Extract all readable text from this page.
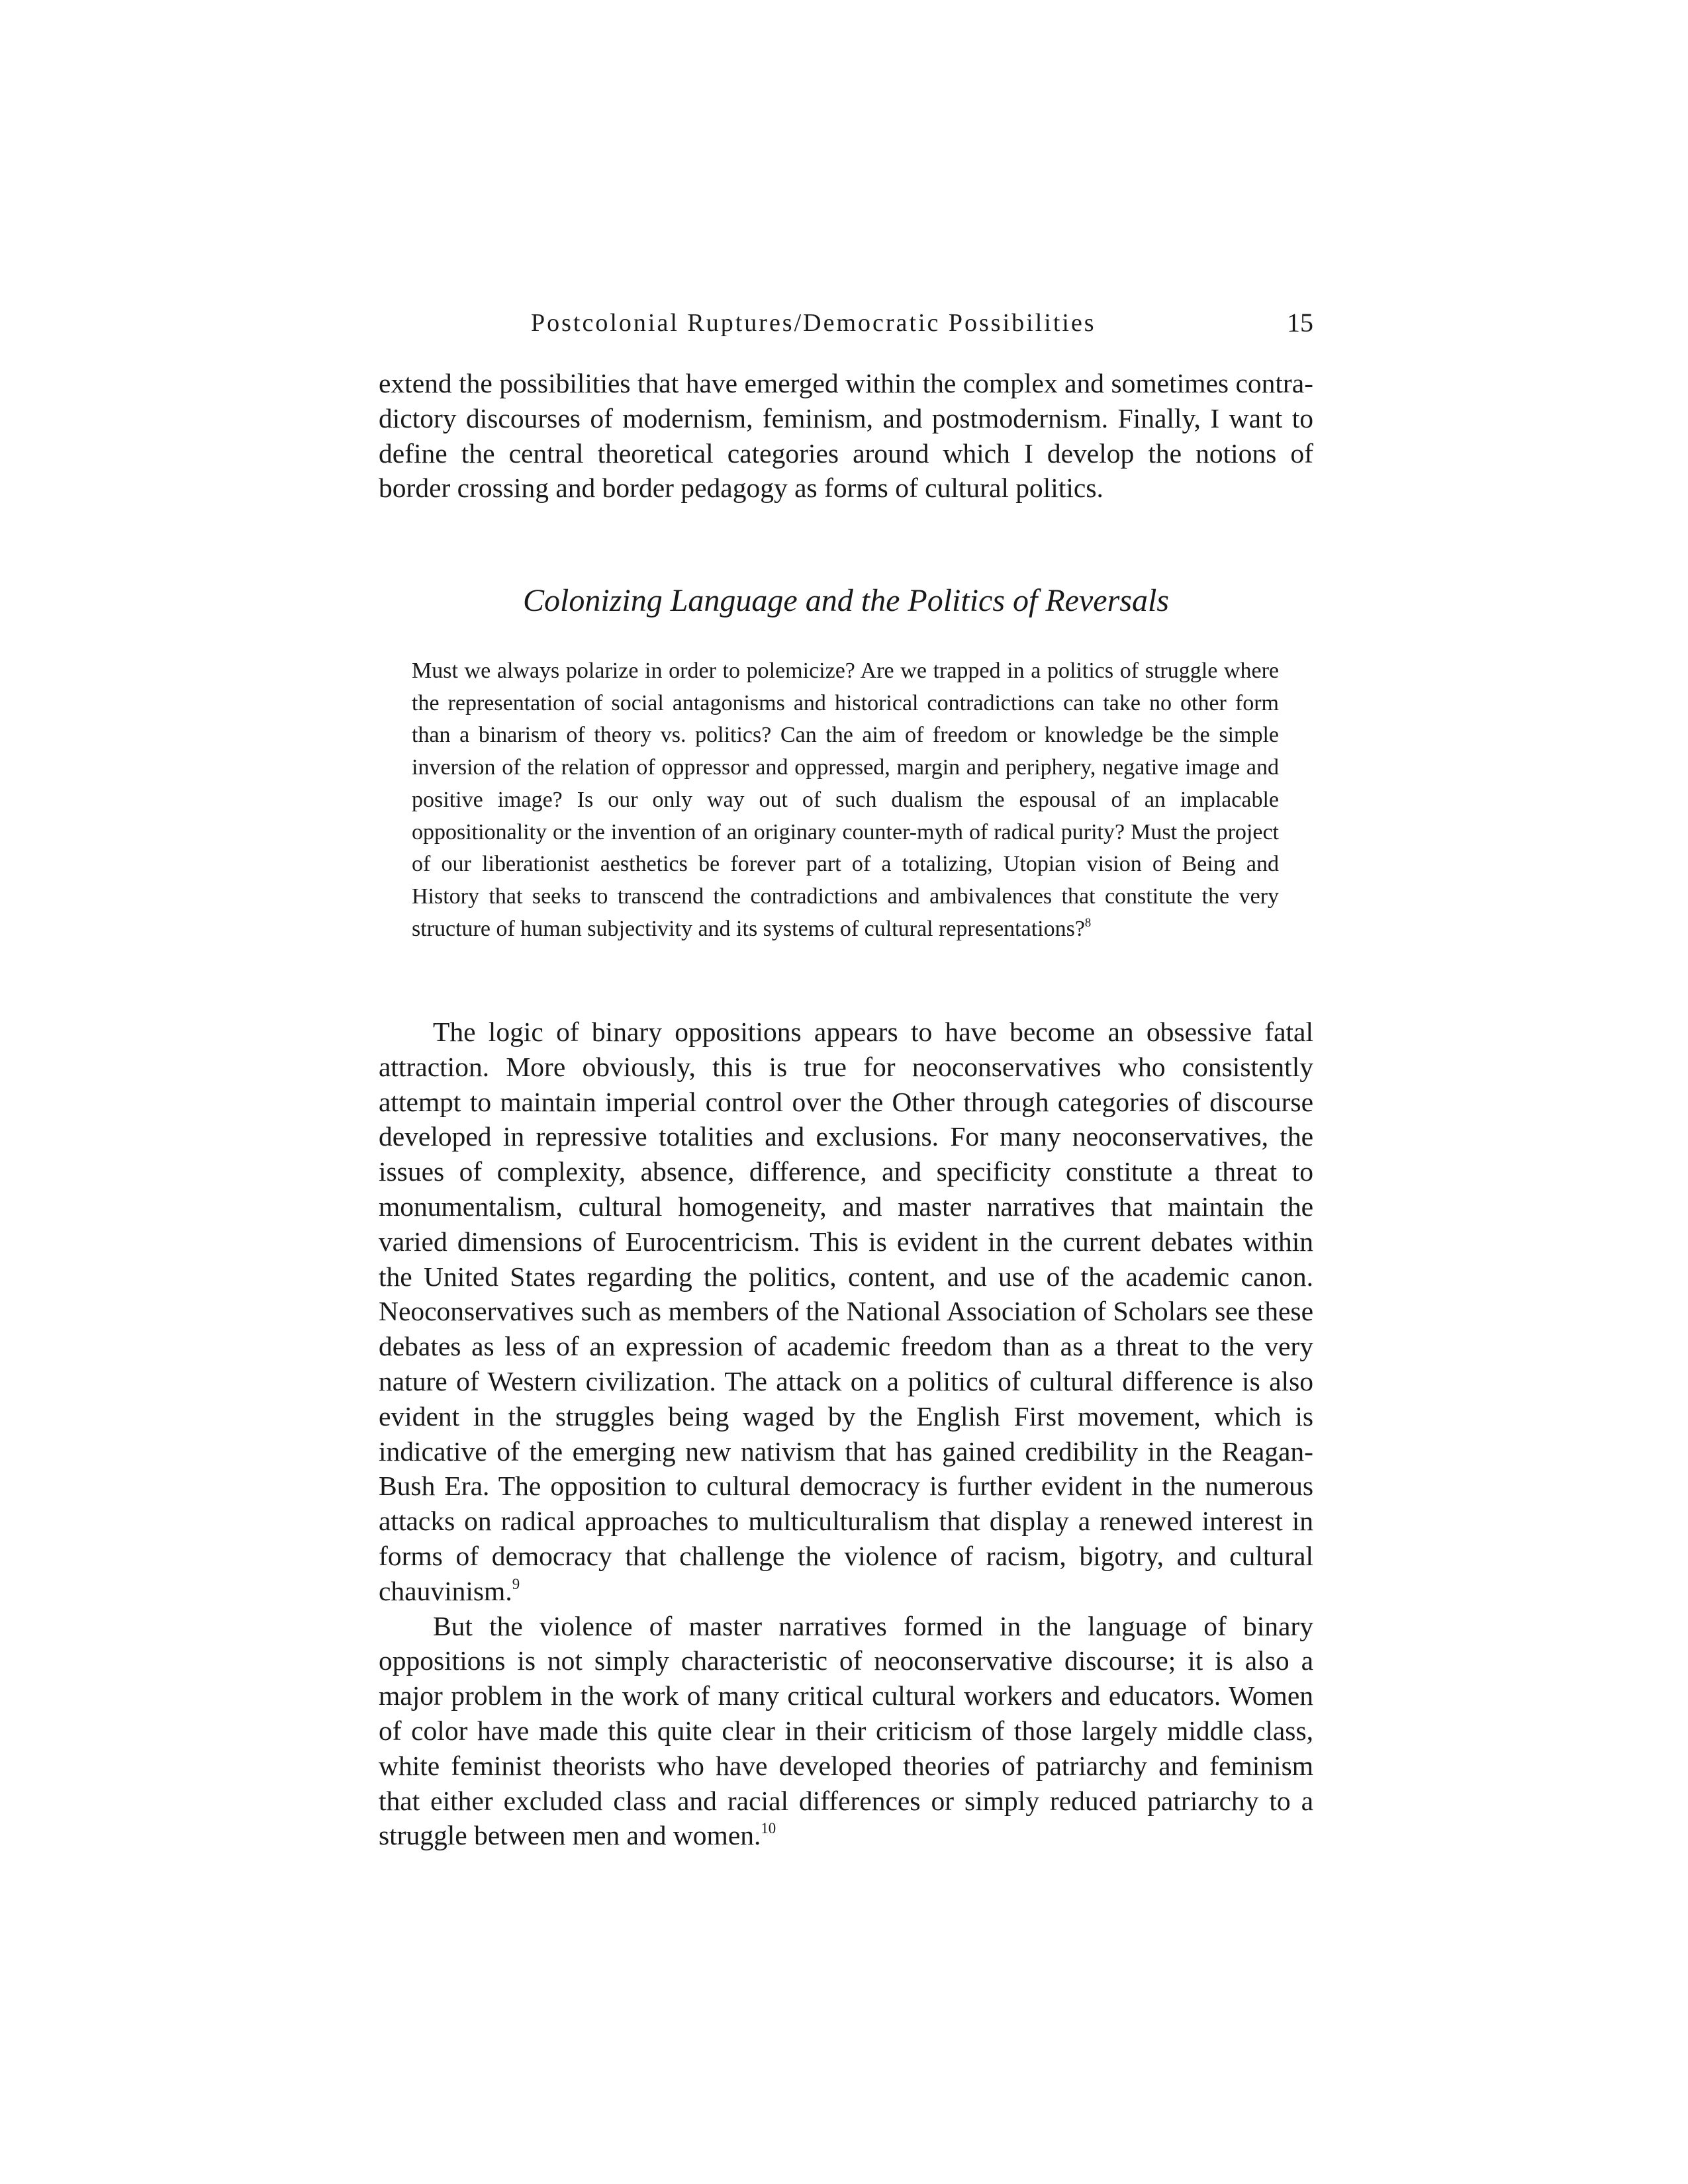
Postcolonial Ruptures/Democratic Possibilities	15

extend the possibilities that have emerged within the complex and sometimes contradictory discourses of modernism, feminism, and postmodernism. Finally, I want to define the central theoretical categories around which I develop the notions of border crossing and border pedagogy as forms of cultural politics.

Colonizing Language and the Politics of Reversals

Must we always polarize in order to polemicize? Are we trapped in a politics of struggle where the representation of social antagonisms and historical contradictions can take no other form than a binarism of theory vs. politics? Can the aim of freedom or knowledge be the simple inversion of the relation of oppressor and oppressed, margin and periphery, negative image and positive image? Is our only way out of such dualism the espousal of an implacable oppositionality or the invention of an originary counter-myth of radical purity? Must the project of our liberationist aesthetics be forever part of a totalizing, Utopian vision of Being and History that seeks to transcend the contradictions and ambivalences that constitute the very structure of human subjectivity and its systems of cultural representations?$^8$

The logic of binary oppositions appears to have become an obsessive fatal attraction. More obviously, this is true for neoconservatives who consistently attempt to maintain imperial control over the Other through categories of discourse developed in repressive totalities and exclusions. For many neoconservatives, the issues of complexity, absence, difference, and specificity constitute a threat to monumentalism, cultural homogeneity, and master narratives that maintain the varied dimensions of Eurocentricism. This is evident in the current debates within the United States regarding the politics, content, and use of the academic canon. Neoconservatives such as members of the National Association of Scholars see these debates as less of an expression of academic freedom than as a threat to the very nature of Western civilization. The attack on a politics of cultural difference is also evident in the struggles being waged by the English First movement, which is indicative of the emerging new nativism that has gained credibility in the Reagan-Bush Era. The opposition to cultural democracy is further evident in the numerous attacks on radical approaches to multiculturalism that display a renewed interest in forms of democracy that challenge the violence of racism, bigotry, and cultural chauvinism.$^9$

But the violence of master narratives formed in the language of binary oppositions is not simply characteristic of neoconservative discourse; it is also a major problem in the work of many critical cultural workers and educators. Women of color have made this quite clear in their criticism of those largely middle class, white feminist theorists who have developed theories of patriarchy and feminism that either excluded class and racial differences or simply reduced patriarchy to a struggle between men and women.$^{10}$
